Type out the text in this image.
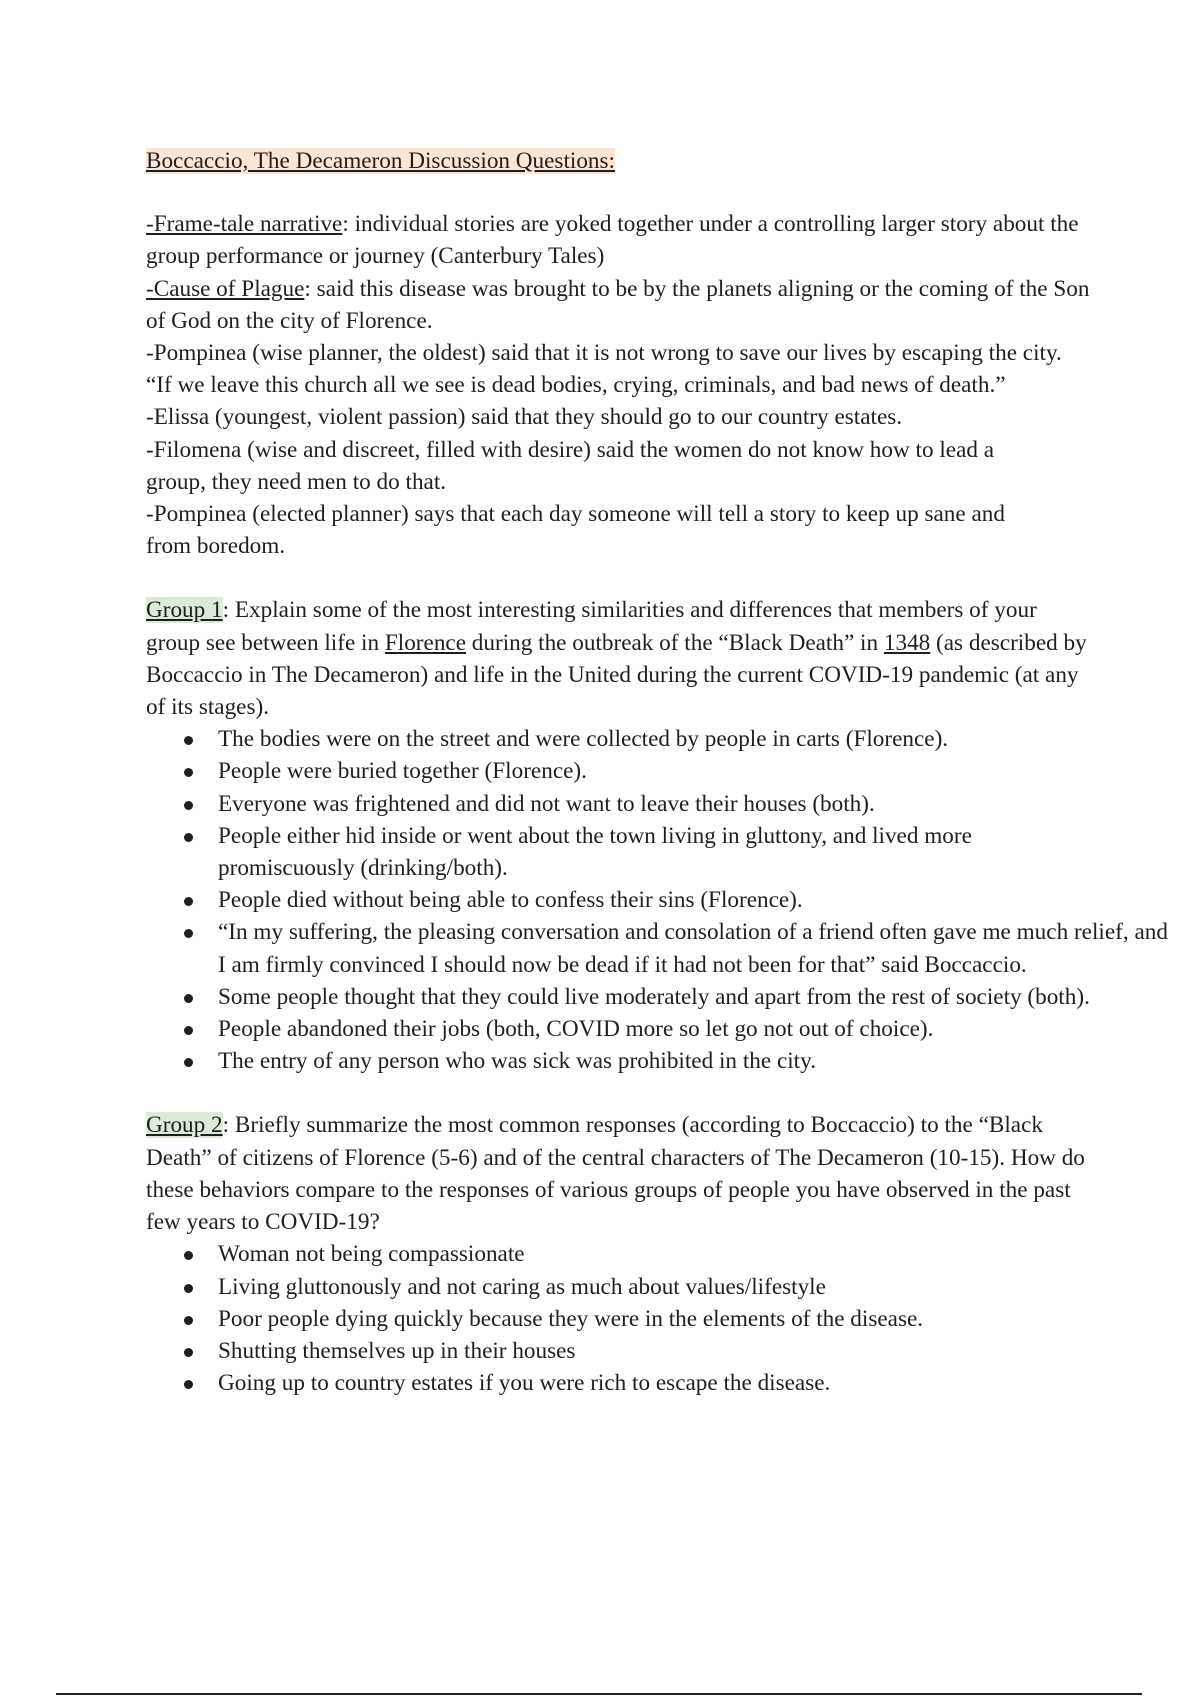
Boccaccio, The Decameron Discussion Questions:

-Frame-tale narrative: individual stories are yoked together under a controlling larger story about the group performance or journey (Canterbury Tales)

-Cause of Plague: said this disease was brought to be by the planets aligning or the coming of the Son of God on the city of Florence.

-Pompinea (wise planner, the oldest) said that it is not wrong to save our lives by escaping the city. “If we leave this church all we see is dead bodies, crying, criminals, and bad news of death.”

-Elissa (youngest, violent passion) said that they should go to our country estates.

-Filomena (wise and discreet, filled with desire) said the women do not know how to lead a group, they need men to do that.

-Pompinea (elected planner) says that each day someone will tell a story to keep up sane and from boredom.

Group 1: Explain some of the most interesting similarities and differences that members of your group see between life in Florence during the outbreak of the “Black Death” in 1348 (as described by Boccaccio in The Decameron) and life in the United during the current COVID-19 pandemic (at any of its stages).

The bodies were on the street and were collected by people in carts (Florence).
People were buried together (Florence).
Everyone was frightened and did not want to leave their houses (both).
People either hid inside or went about the town living in gluttony, and lived more promiscuously (drinking/both).
People died without being able to confess their sins (Florence).
“In my suffering, the pleasing conversation and consolation of a friend often gave me much relief, and I am firmly convinced I should now be dead if it had not been for that” said Boccaccio.
Some people thought that they could live moderately and apart from the rest of society (both).
People abandoned their jobs (both, COVID more so let go not out of choice).
The entry of any person who was sick was prohibited in the city.

Group 2: Briefly summarize the most common responses (according to Boccaccio) to the “Black Death” of citizens of Florence (5-6) and of the central characters of The Decameron (10-15). How do these behaviors compare to the responses of various groups of people you have observed in the past few years to COVID-19?

Woman not being compassionate
Living gluttonously and not caring as much about values/lifestyle
Poor people dying quickly because they were in the elements of the disease.
Shutting themselves up in their houses
Going up to country estates if you were rich to escape the disease.
